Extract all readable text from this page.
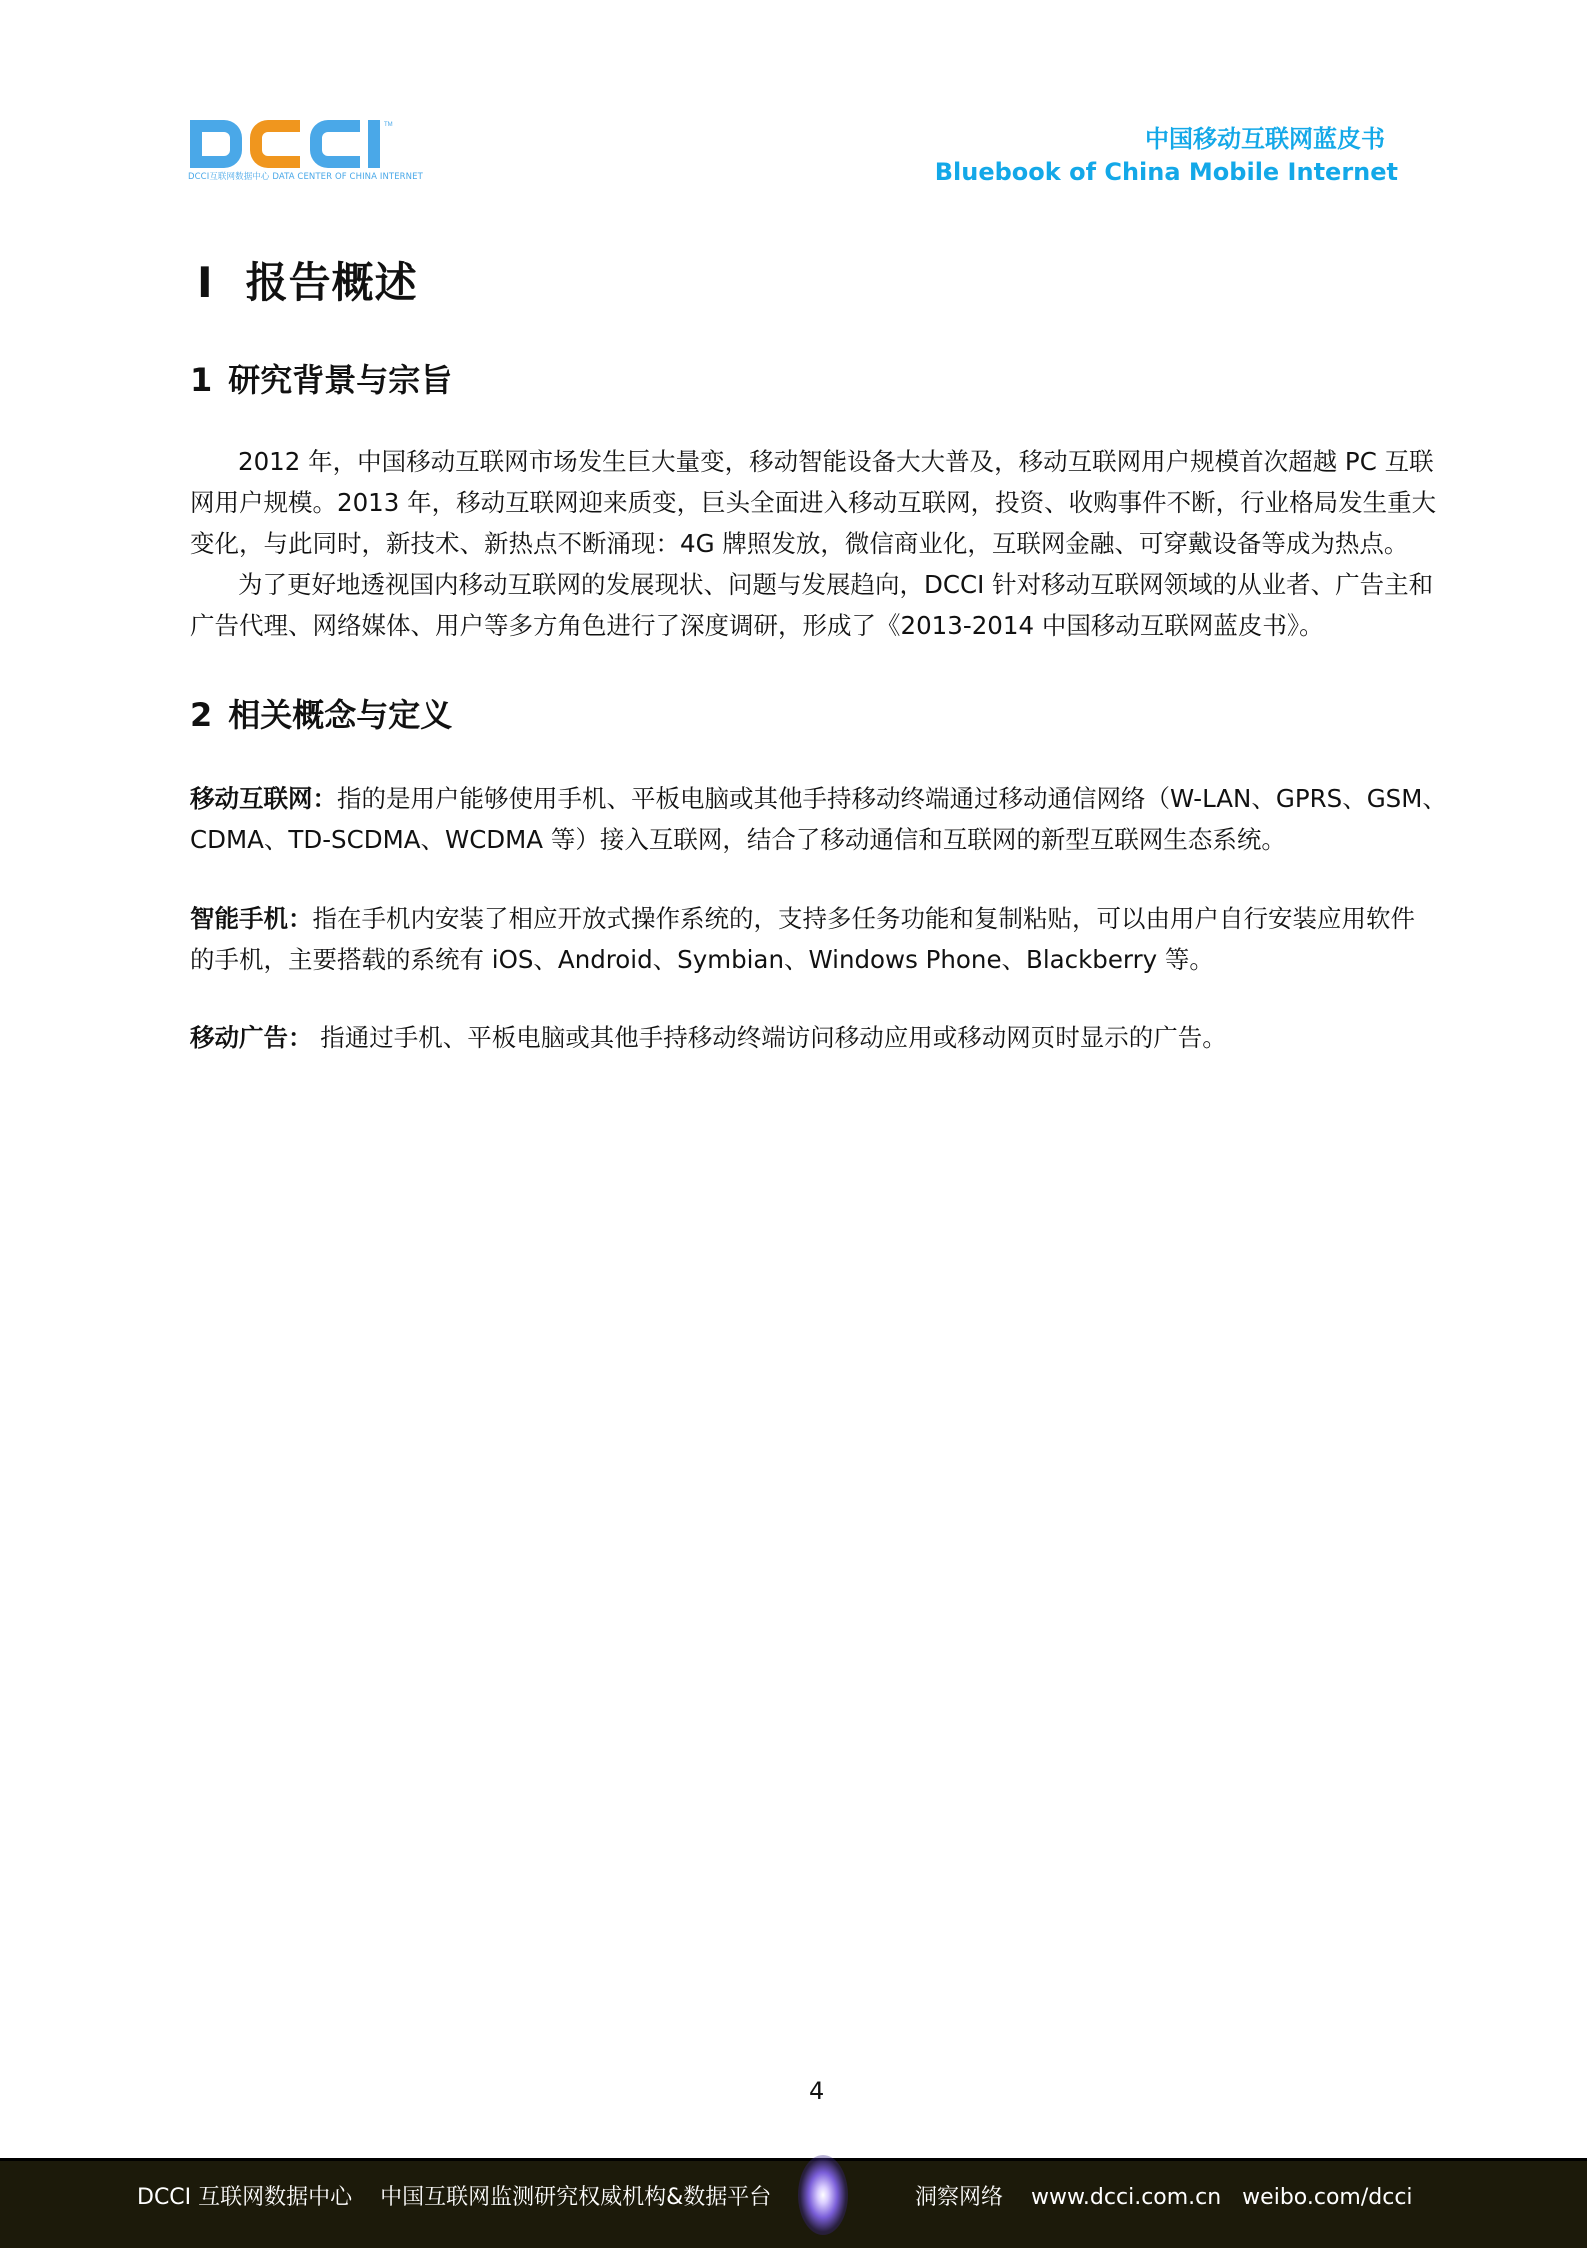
TM
DCCI互联网数据中心 DATA CENTER OF CHINA INTERNET
中国移动互联网蓝皮书
Bluebook of China Mobile Internet
I 报告概述
1 研究背景与宗旨
2012 年，中国移动互联网市场发生巨大量变，移动智能设备大大普及，移动互联网用户规模首次超越 PC 互联
网用户规模。2013 年，移动互联网迎来质变，巨头全面进入移动互联网，投资、收购事件不断，行业格局发生重大
变化，与此同时，新技术、新热点不断涌现：4G 牌照发放，微信商业化，互联网金融、可穿戴设备等成为热点。
为了更好地透视国内移动互联网的发展现状、问题与发展趋向，DCCI 针对移动互联网领域的从业者、广告主和
广告代理、网络媒体、用户等多方角色进行了深度调研，形成了《2013-2014 中国移动互联网蓝皮书》。
2 相关概念与定义
移动互联网：指的是用户能够使用手机、平板电脑或其他手持移动终端通过移动通信网络（W-LAN、GPRS、GSM、
CDMA、TD-SCDMA、WCDMA 等）接入互联网，结合了移动通信和互联网的新型互联网生态系统。
智能手机：指在手机内安装了相应开放式操作系统的，支持多任务功能和复制粘贴，可以由用户自行安装应用软件
的手机，主要搭载的系统有 iOS、Android、Symbian、Windows Phone、Blackberry 等。
移动广告： 指通过手机、平板电脑或其他手持移动终端访问移动应用或移动网页时显示的广告。
4
DCCI 互联网数据中心    中国互联网监测研究权威机构&数据平台	洞察网络    www.dcci.com.cn   weibo.com/dcci
